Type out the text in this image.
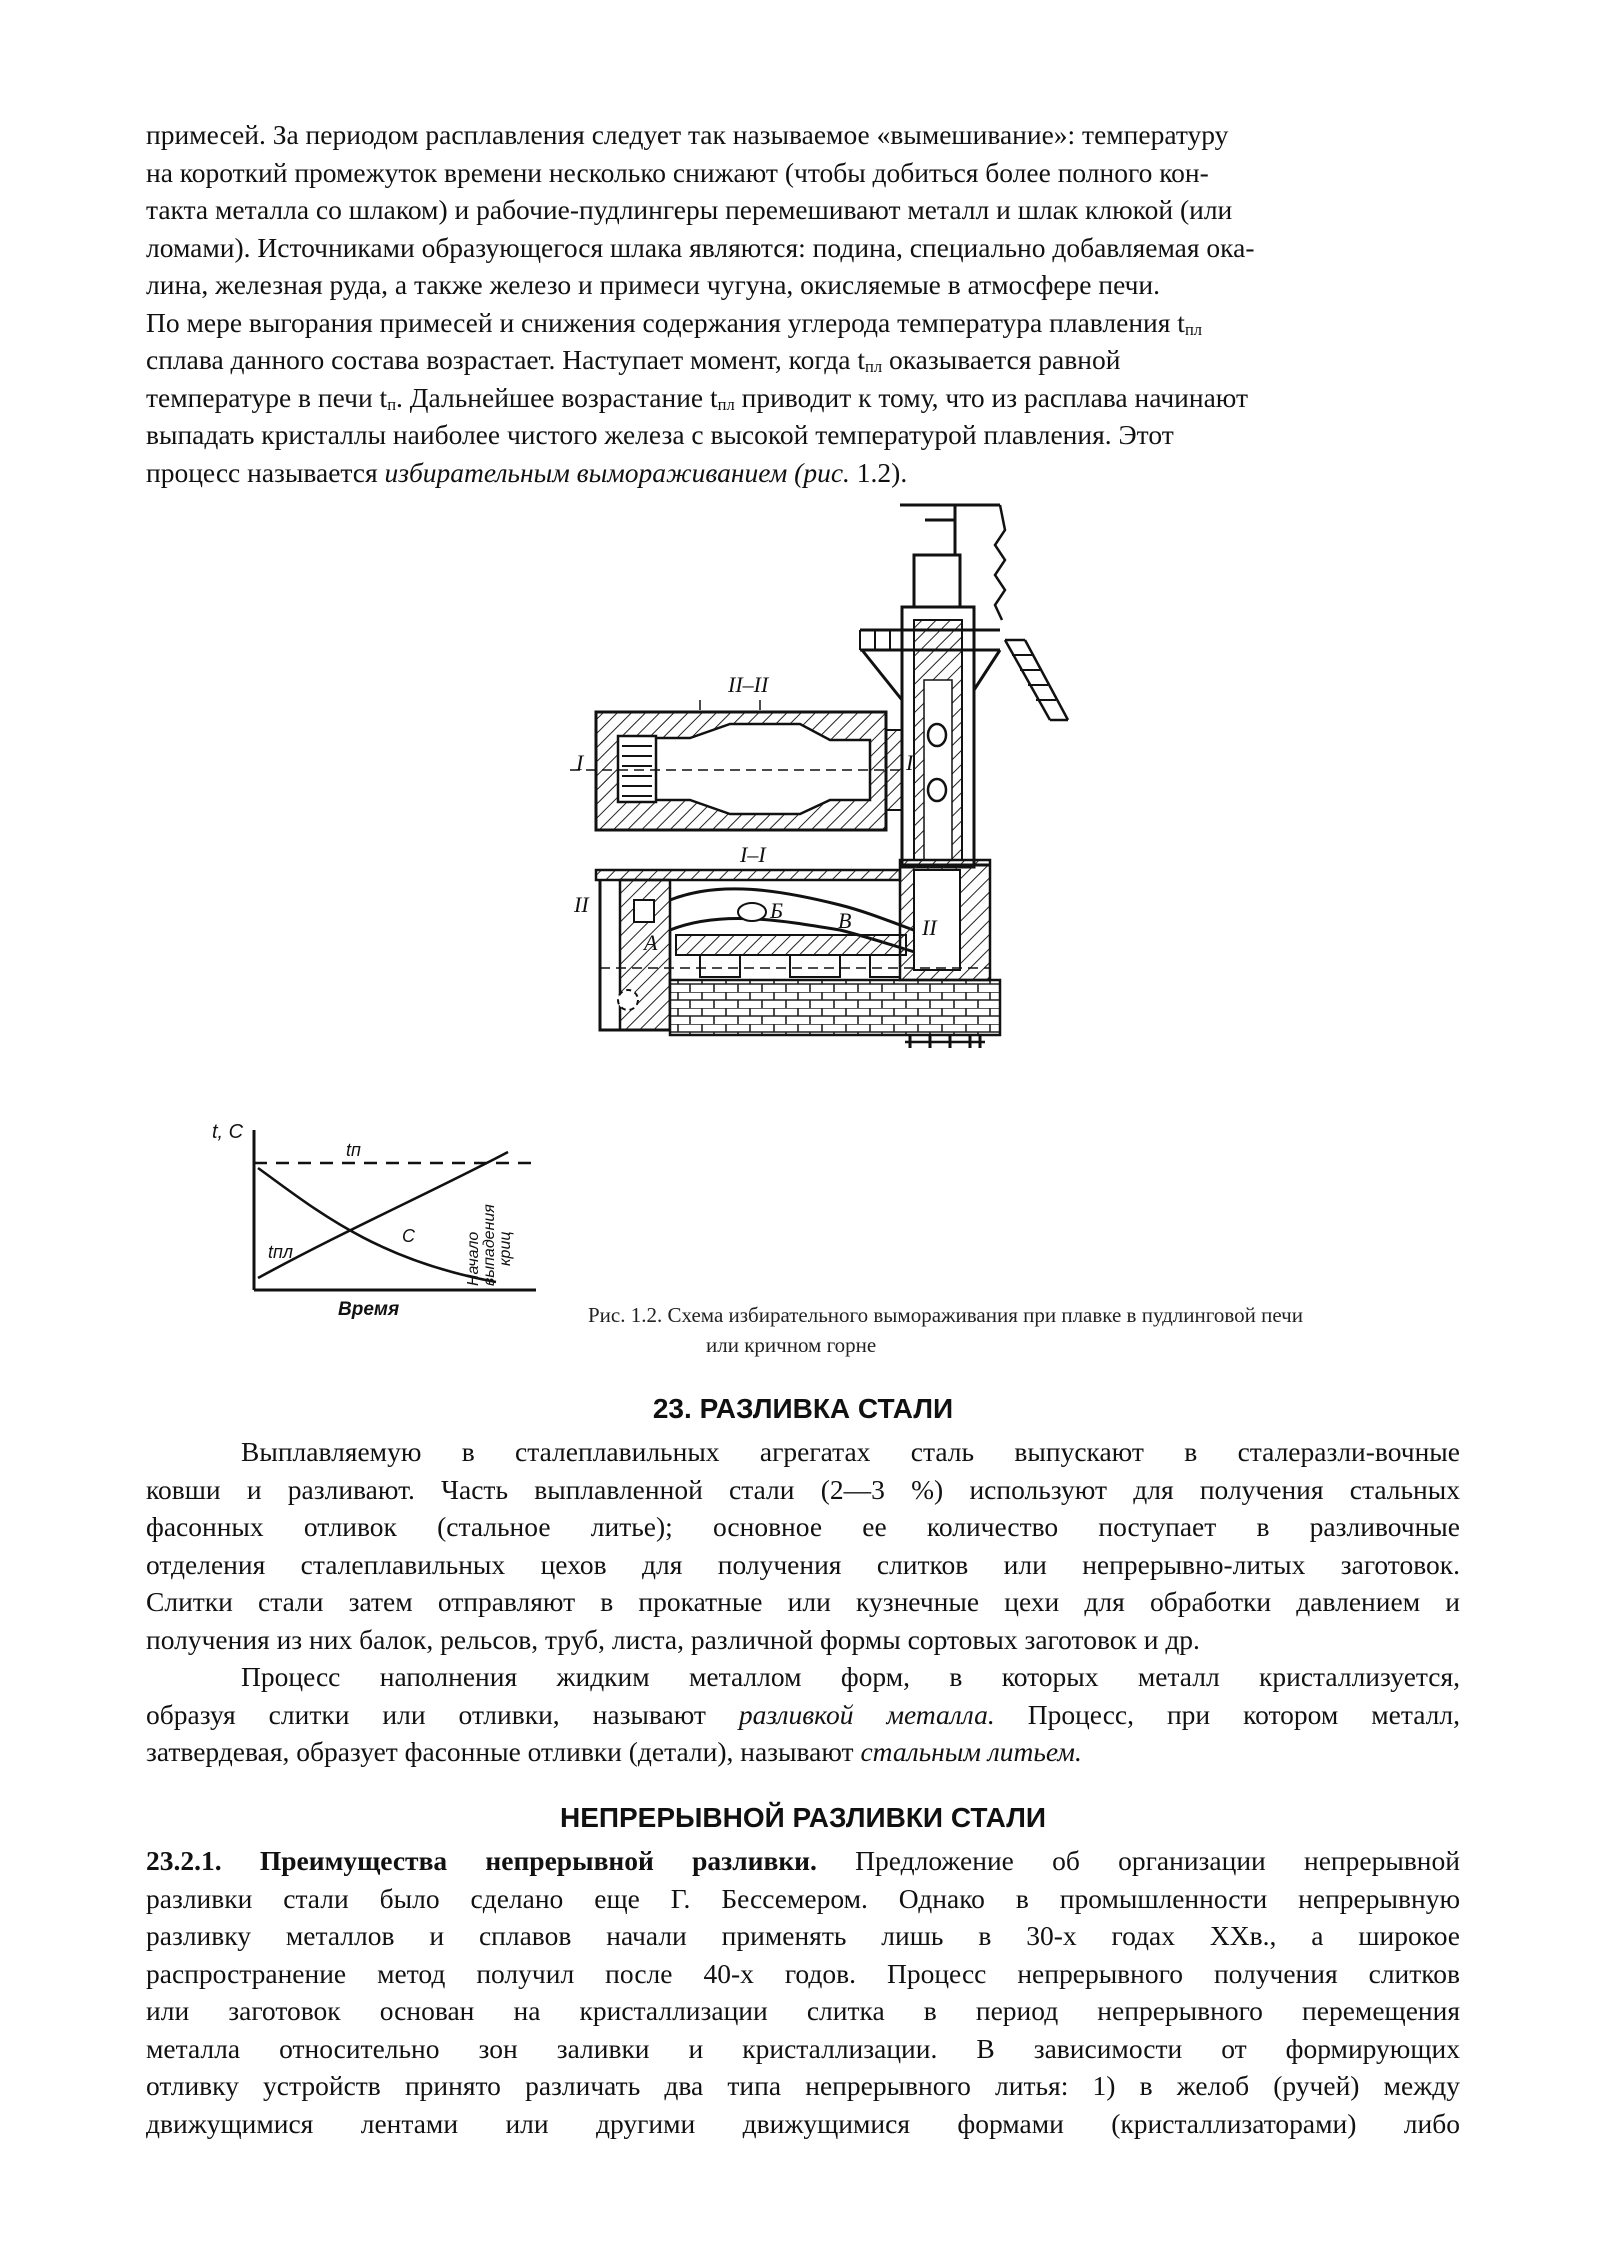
примесей. За периодом расплавления следует так называемое «вымешивание»: температуру
на короткий промежуток времени несколько снижают (чтобы добиться более полного кон-
такта металла со шлаком) и рабочие-пудлингеры перемешивают металл и шлак клюкой (или
ломами). Источниками образующегося шлака являются: подина, специально добавляемая ока-
лина, железная руда, а также железо и примеси чугуна, окисляемые в атмосфере печи.
По мере выгорания примесей и снижения содержания углерода температура плавления $t_{пл}$
сплава данного состава возрастает. Наступает момент, когда $t_{пл}$ оказывается равной
температуре в печи $t_п$. Дальнейшее возрастание $t_{пл}$ приводит к тому, что из расплава начинают
выпадать кристаллы наиболее чистого железа с высокой температурой плавления. Этот
процесс называется избирательным вымораживанием (рис. 1.2).
II–II
I–I
I	I
II
II
А
Б	В
t, C
Время
tп
tпл
С	Начало выпадения криц
Рис. 1.2. Схема избирательного вымораживания при плавке в пудлинговой печи
или кричном горне
23. РАЗЛИВКА СТАЛИ
Выплавляемую в сталеплавильных агрегатах сталь выпускают в сталеразли-вочные
ковши и разливают. Часть выплавленной стали (2—3 %) используют для получения стальных
фасонных отливок (стальное литье); основное ее количество поступает в разливочные
отделения сталеплавильных цехов для получения слитков или непрерывно-литых заготовок.
Слитки стали затем отправляют в прокатные или кузнечные цехи для обработки давлением и
получения из них балок, рельсов, труб, листа, различной формы сортовых заготовок и др.
Процесс наполнения жидким металлом форм, в которых металл кристаллизуется,
образуя слитки или отливки, называют разливкой металла. Процесс, при котором металл,
затвердевая, образует фасонные отливки (детали), называют стальным литьем.
НЕПРЕРЫВНОЙ РАЗЛИВКИ СТАЛИ
23.2.1. Преимущества непрерывной разливки. Предложение об организации непрерывной
разливки стали было сделано еще Г. Бессемером. Однако в промышленности непрерывную
разливку металлов и сплавов начали применять лишь в 30-х годах ХХв., а широкое
распространение метод получил после 40-х годов. Процесс непрерывного получения слитков
или заготовок основан на кристаллизации слитка в период непрерывного перемещения
металла относительно зон заливки и кристаллизации. В зависимости от формирующих
отливку устройств принято различать два типа непрерывного литья: 1) в желоб (ручей) между
движущимися лентами или другими движущимися формами (кристаллизаторами) либо
